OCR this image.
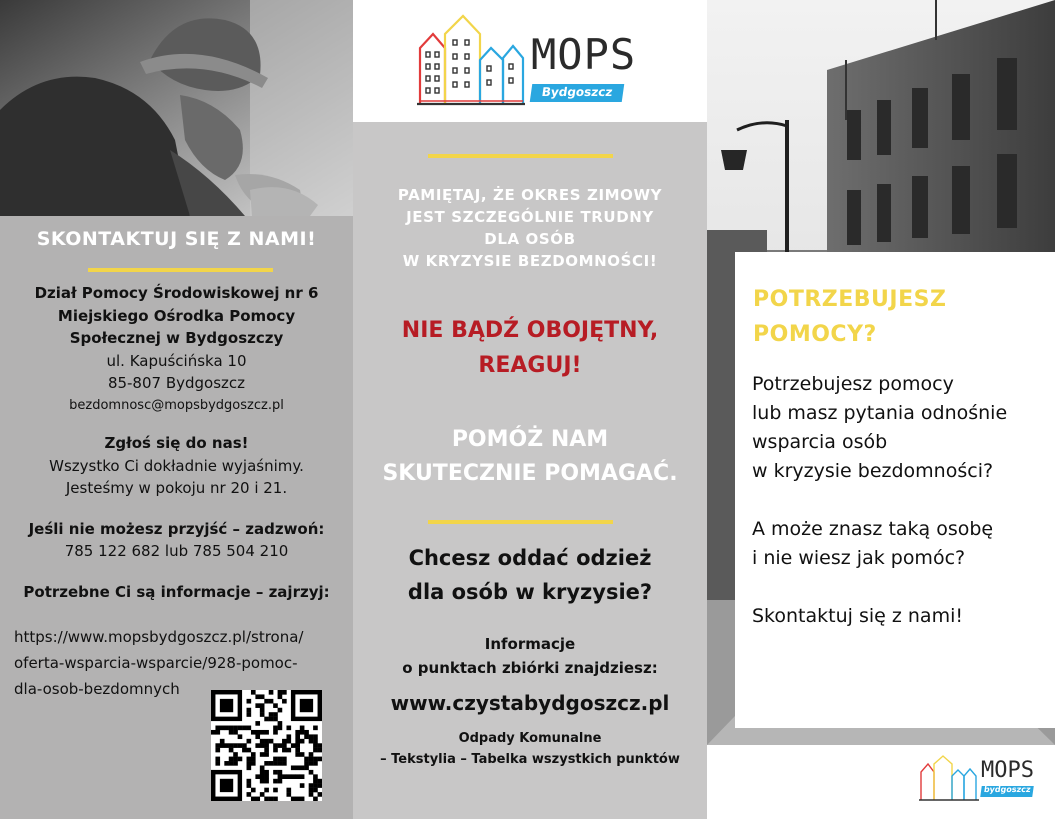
SKONTAKTUJ SIĘ Z NAMI!
Dział Pomocy Środowiskowej nr 6
Miejskiego Ośrodka Pomocy
Społecznej w Bydgoszczy
ul. Kapuścińska 10
85-807 Bydgoszcz
bezdomnosc@mopsbydgoszcz.pl
Zgłoś się do nas!
Wszystko Ci dokładnie wyjaśnimy.
Jesteśmy w pokoju nr 20 i 21.
Jeśli nie możesz przyjść – zadzwoń:
785 122 682 lub 785 504 210
Potrzebne Ci są informacje – zajrzyj:
https://www.mopsbydgoszcz.pl/strona/
oferta-wsparcia-wsparcie/928-pomoc-
dla-osob-bezdomnych
MOPS
Bydgoszcz
PAMIĘTAJ, ŻE OKRES ZIMOWY
JEST SZCZEGÓLNIE TRUDNY
DLA OSÓB
W KRYZYSIE BEZDOMNOŚCI!
NIE BĄDŹ OBOJĘTNY,
REAGUJ!
POMÓŻ NAM
SKUTECZNIE POMAGAĆ.
Chcesz oddać odzież
dla osób w kryzysie?
Informacje
o punktach zbiórki znajdziesz:
www.czystabydgoszcz.pl
Odpady Komunalne
– Tekstylia – Tabelka wszystkich punktów
POTRZEBUJESZ
POMOCY?
Potrzebujesz pomocy
lub masz pytania odnośnie
wsparcia osób
w kryzysie bezdomności?
A może znasz taką osobę
i nie wiesz jak pomóc?
Skontaktuj się z nami!
MOPS
bydgoszcz
